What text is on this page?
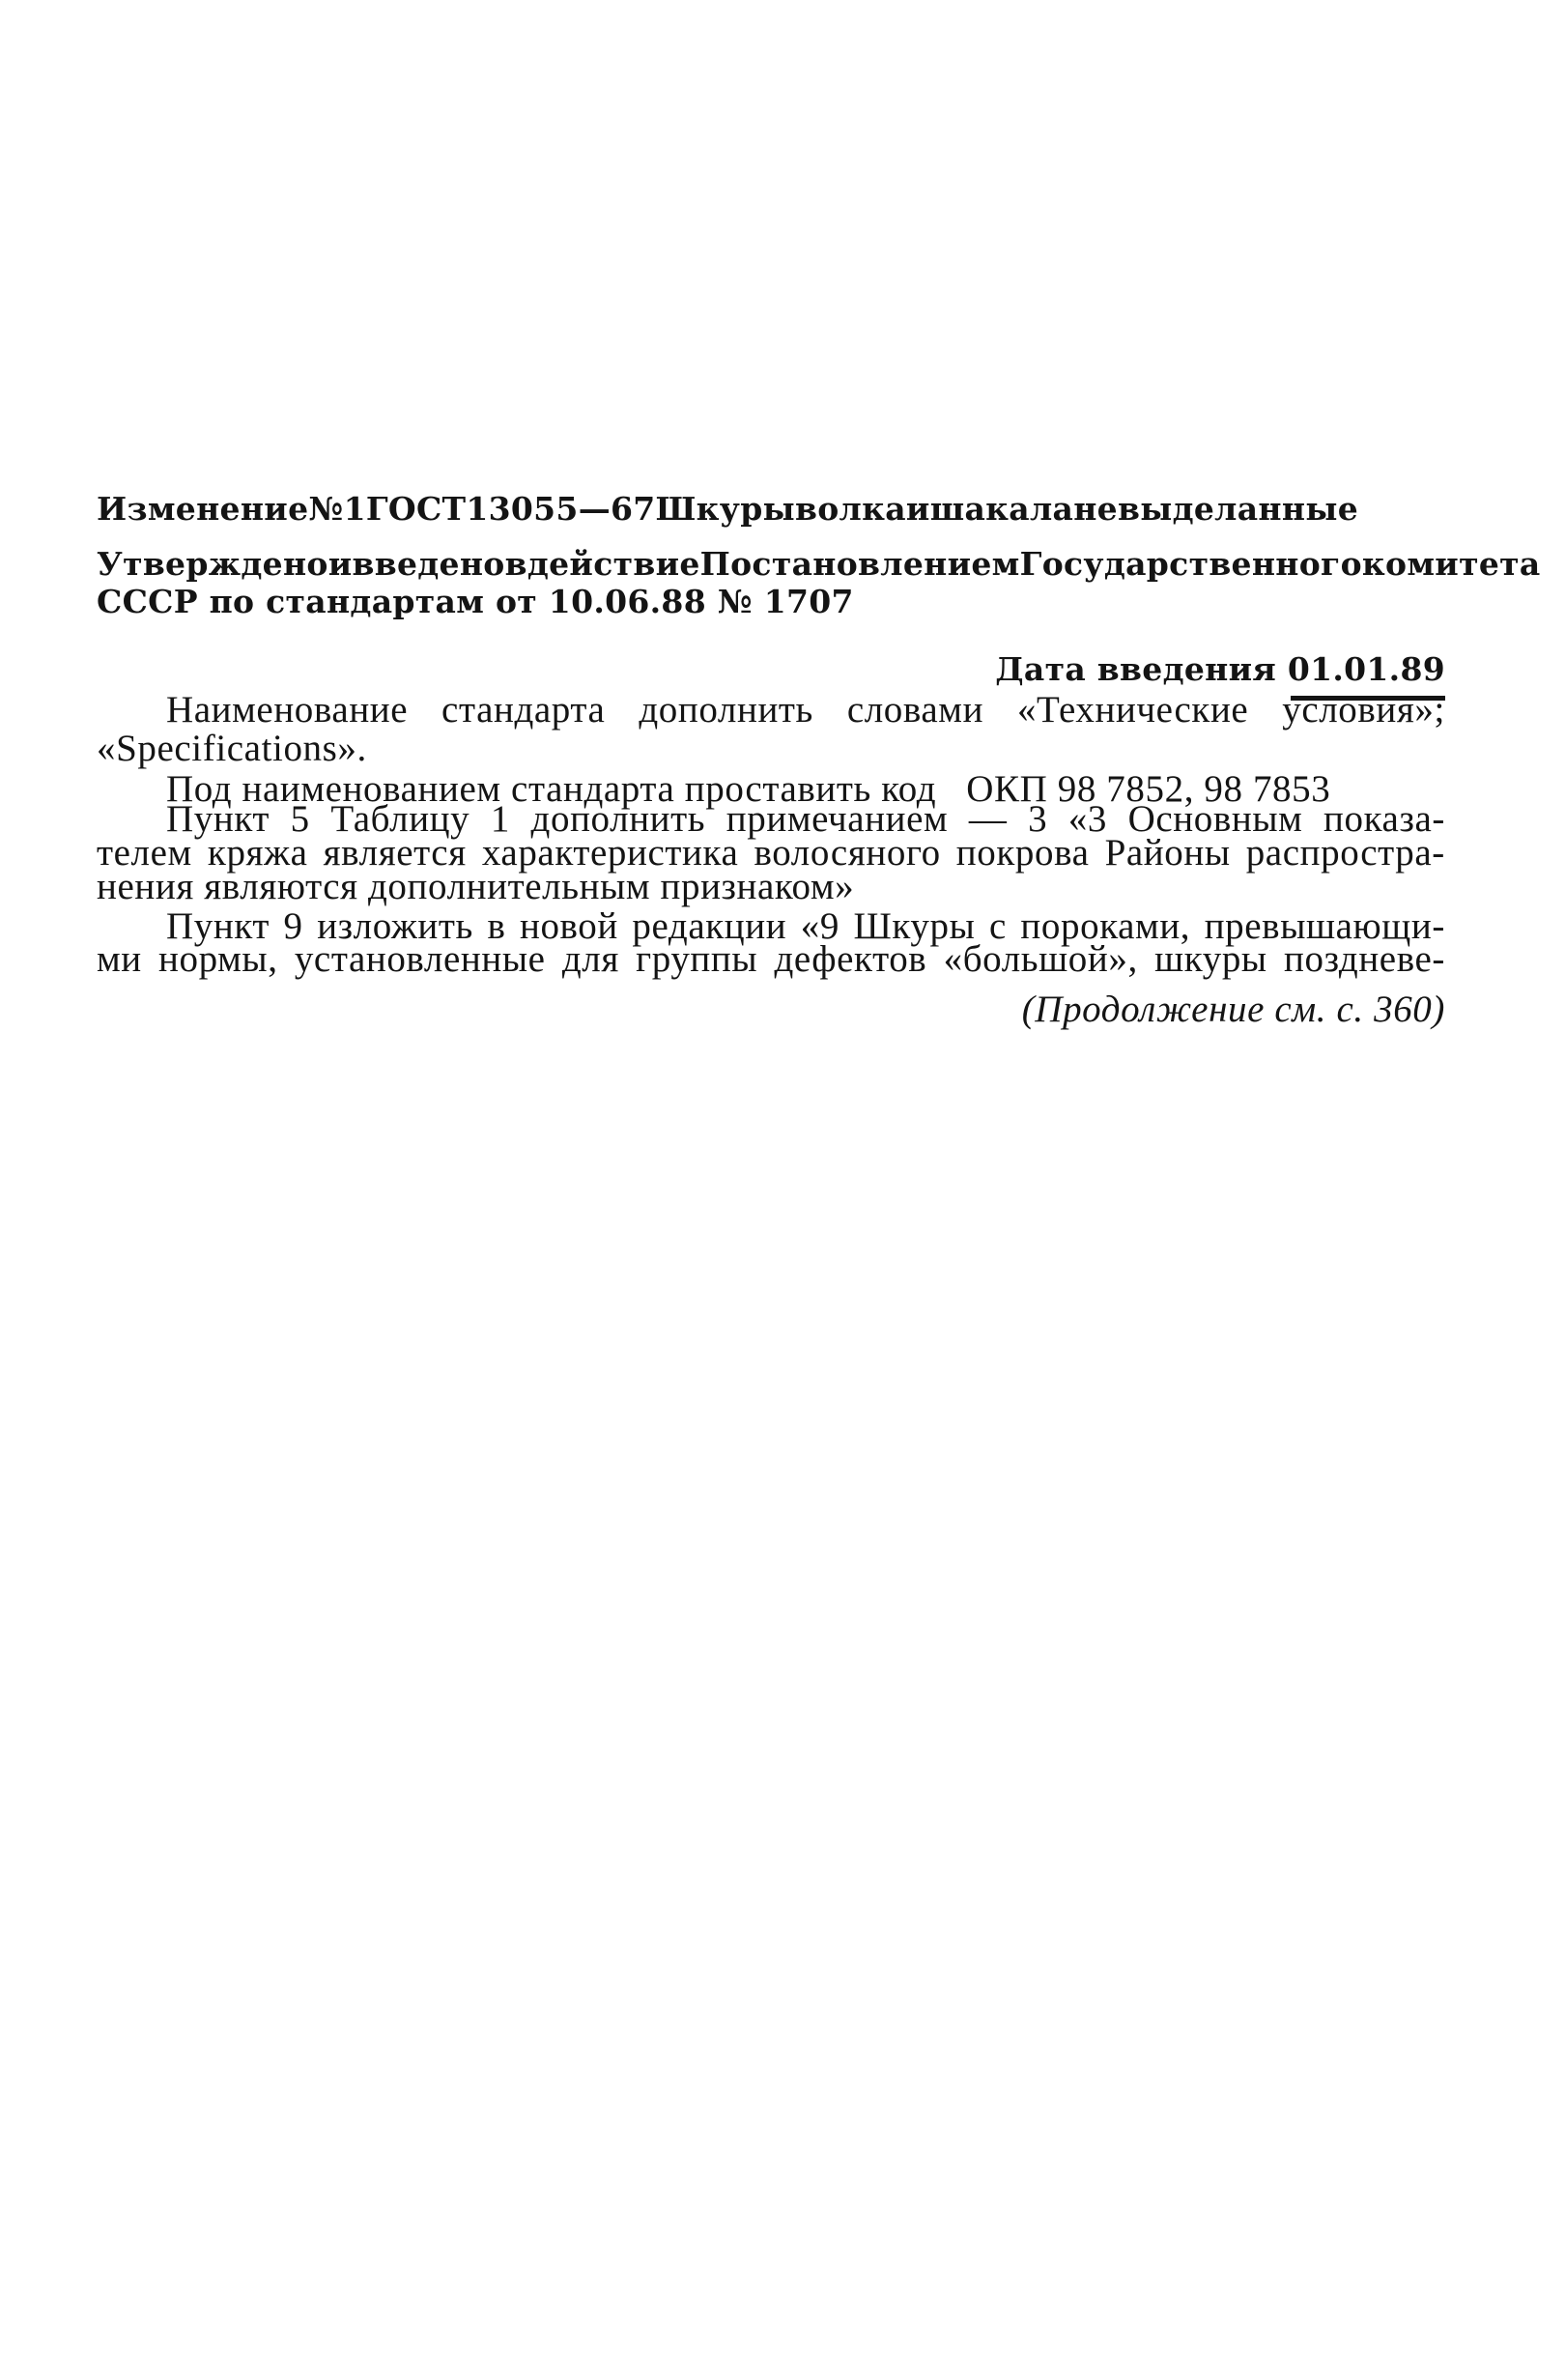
Изменение № 1 ГОСТ 13055—67 Шкуры волка и шакала невыделанные
Утверждено и введено в действие Постановлением Государственного комитета
СССР по стандартам от 10.06.88 № 1707
Дата введения 01.01.89
Наименование стандарта дополнить словами «Технические условия»;
«Specifications».
Под наименованием стандарта проставить код   ОКП 98 7852, 98 7853
Пункт 5 Таблицу 1 дополнить примечанием — 3 «3 Основным показа-
телем кряжа является характеристика волосяного покрова Районы распростра-
нения являются дополнительным признаком»
Пункт 9 изложить в новой редакции «9 Шкуры с пороками, превышающи-
ми нормы, установленные для группы дефектов «большой», шкуры поздневе-
(Продолжение см. с. 360)
